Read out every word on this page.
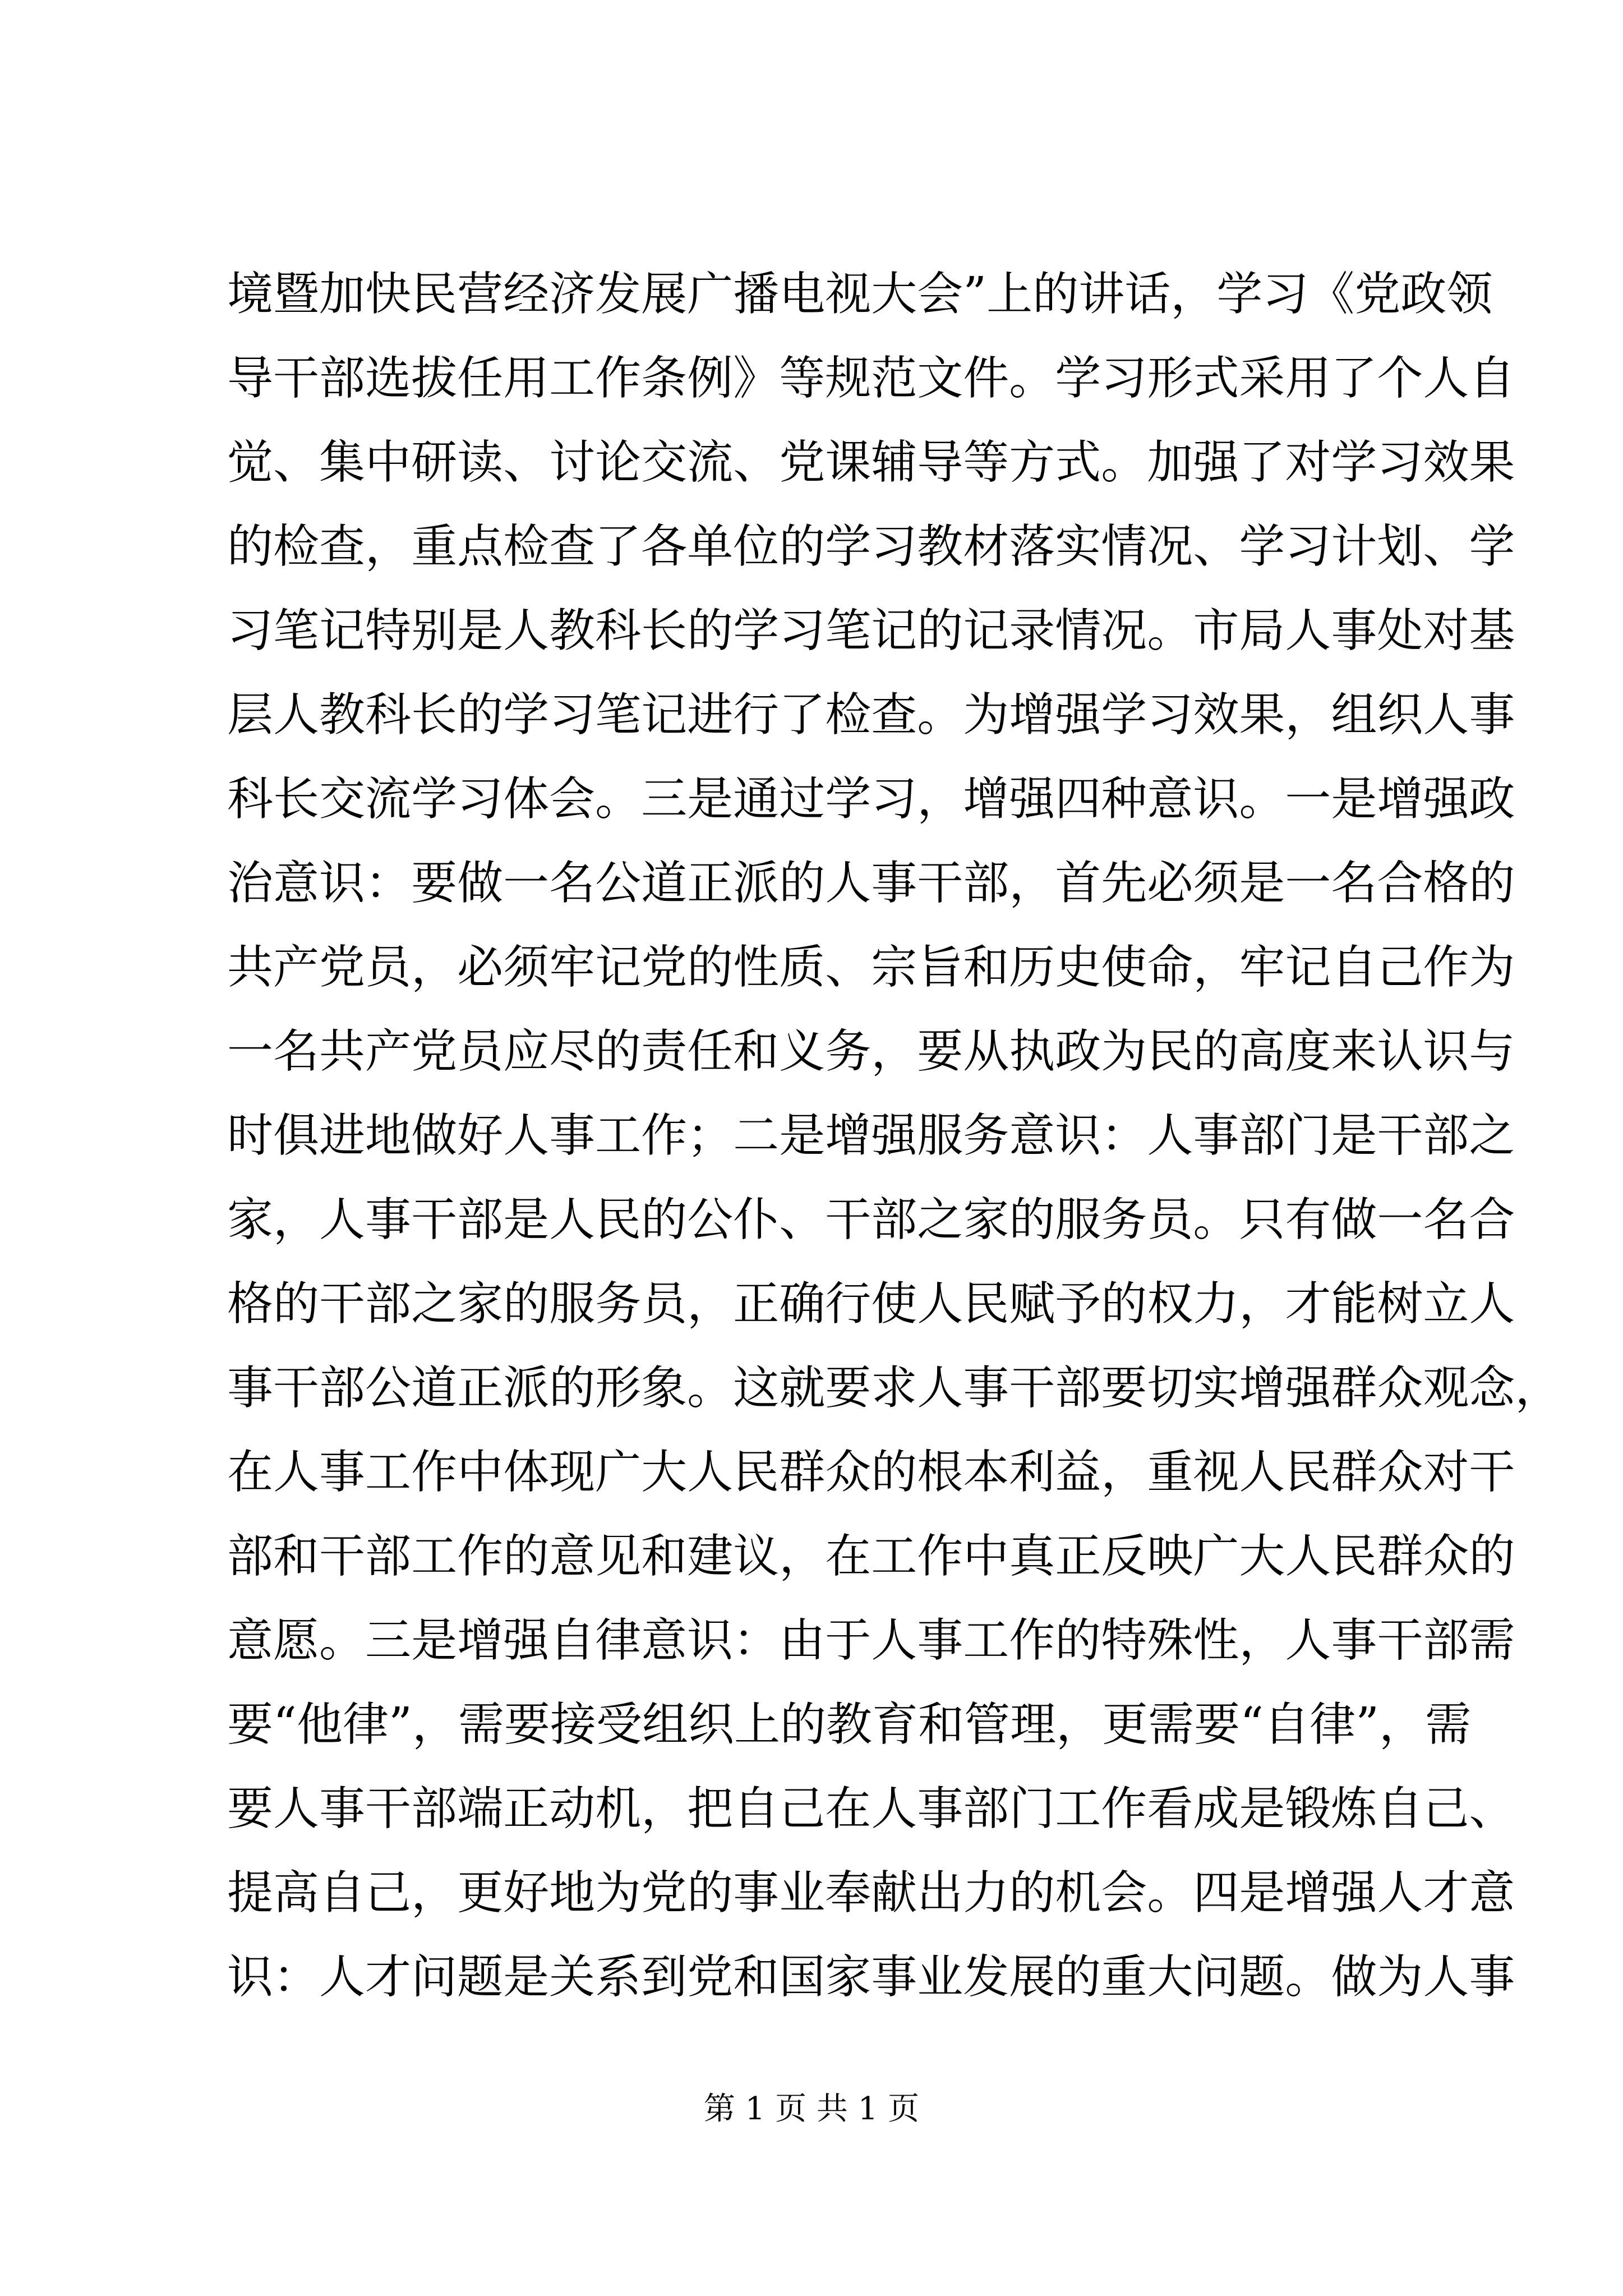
境 暨 加 快 民 营 经 济 发 展 广 播 电 视 大 会 ” 上 的 讲 话 ， 学 习 《 党 政 领
导 干 部 选 拔 任 用 工 作 条 例 》 等 规 范 文 件 。 学 习 形 式 采 用 了 个 人 自
觉 、 集 中 研 读 、 讨 论 交 流 、 党 课 辅 导 等 方 式 。 加 强 了 对 学 习 效 果
的 检 查 ， 重 点 检 查 了 各 单 位 的 学 习 教 材 落 实 情 况 、 学 习 计 划 、 学
习 笔 记 特 别 是 人 教 科 长 的 学 习 笔 记 的 记 录 情 况 。 市 局 人 事 处 对 基
层 人 教 科 长 的 学 习 笔 记 进 行 了 检 查 。 为 增 强 学 习 效 果 ， 组 织 人 事
科 长 交 流 学 习 体 会 。 三 是 通 过 学 习 ， 增 强 四 种 意 识 。 一 是 增 强 政
治 意 识 ： 要 做 一 名 公 道 正 派 的 人 事 干 部 ， 首 先 必 须 是 一 名 合 格 的
共 产 党 员 ， 必 须 牢 记 党 的 性 质 、 宗 旨 和 历 史 使 命 ， 牢 记 自 己 作 为
一 名 共 产 党 员 应 尽 的 责 任 和 义 务 ， 要 从 执 政 为 民 的 高 度 来 认 识 与
时 俱 进 地 做 好 人 事 工 作 ； 二 是 增 强 服 务 意 识 ： 人 事 部 门 是 干 部 之
家 ， 人 事 干 部 是 人 民 的 公 仆 、 干 部 之 家 的 服 务 员 。 只 有 做 一 名 合
格 的 干 部 之 家 的 服 务 员 ， 正 确 行 使 人 民 赋 予 的 权 力 ， 才 能 树 立 人
事 干 部 公 道 正 派 的 形 象 。 这 就 要 求 人 事 干 部 要 切 实 增 强 群 众 观 念 ，
在 人 事 工 作 中 体 现 广 大 人 民 群 众 的 根 本 利 益 ， 重 视 人 民 群 众 对 干
部 和 干 部 工 作 的 意 见 和 建 议 ， 在 工 作 中 真 正 反 映 广 大 人 民 群 众 的
意 愿 。 三 是 增 强 自 律 意 识 ： 由 于 人 事 工 作 的 特 殊 性 ， 人 事 干 部 需
要 “ 他 律 ” ， 需 要 接 受 组 织 上 的 教 育 和 管 理 ， 更 需 要 “ 自 律 ” ， 需
要 人 事 干 部 端 正 动 机 ， 把 自 己 在 人 事 部 门 工 作 看 成 是 锻 炼 自 己 、
提 高 自 己 ， 更 好 地 为 党 的 事 业 奉 献 出 力 的 机 会 。 四 是 增 强 人 才 意
识 ： 人 才 问 题 是 关 系 到 党 和 国 家 事 业 发 展 的 重 大 问 题 。 做 为 人 事
第 1 页 共 1 页
